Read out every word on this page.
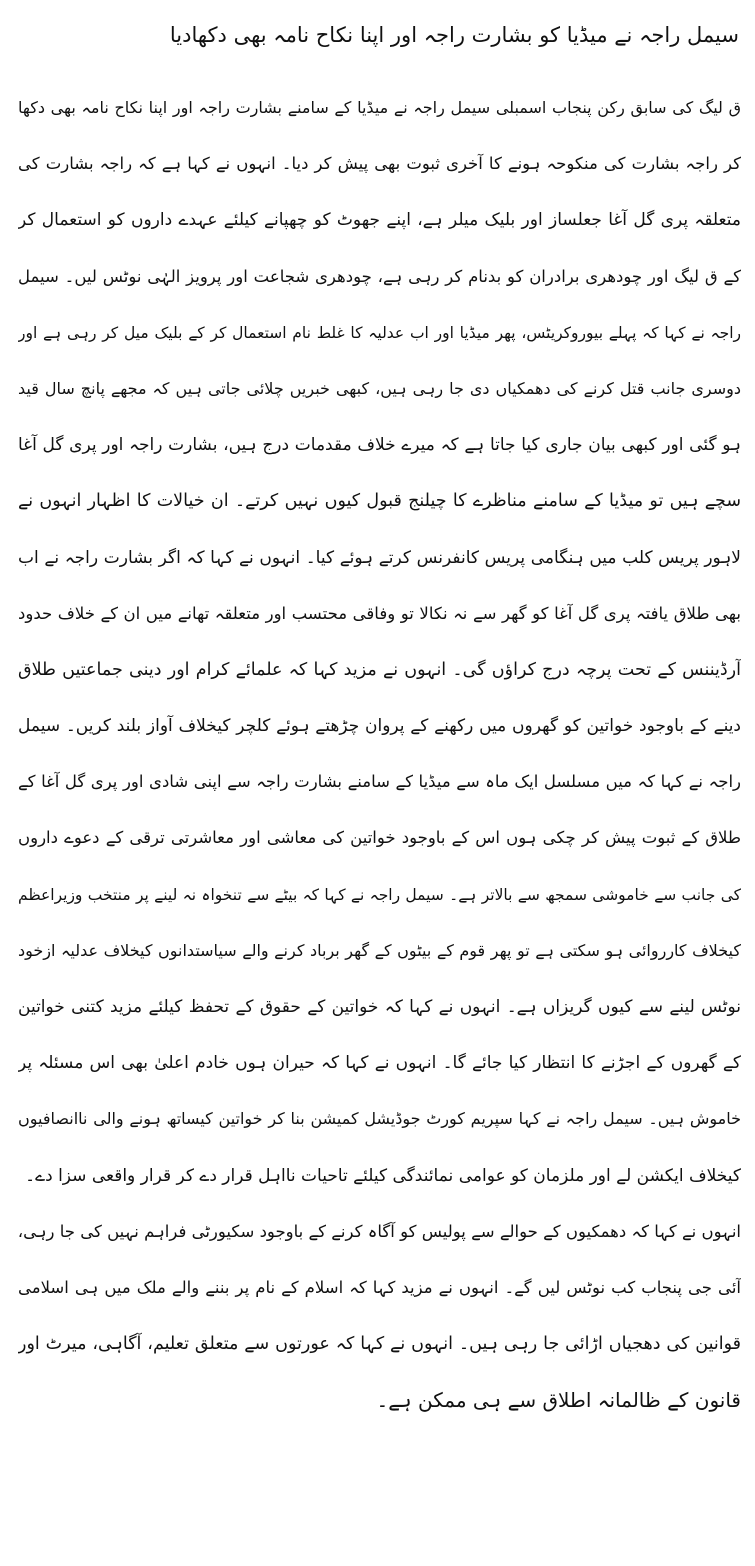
سیمل راجہ نے میڈیا کو بشارت راجہ اور اپنا نکاح نامہ بھی دکھادیا
ق لیگ کی سابق رکن پنجاب اسمبلی سیمل راجہ نے میڈیا کے سامنے بشارت راجہ اور اپنا نکاح نامہ بھی دکھا
کر راجہ بشارت کی منکوحہ ہونے کا آخری ثبوت بھی پیش کر دیا۔ انہوں نے کہا ہے کہ راجہ بشارت کی
متعلقہ پری گل آغا جعلساز اور بلیک میلر ہے، اپنے جھوٹ کو چھپانے کیلئے عہدے داروں کو استعمال کر
کے ق لیگ اور چودھری برادران کو بدنام کر رہی ہے، چودھری شجاعت اور پرویز الہٰی نوٹس لیں۔ سیمل
راجہ نے کہا کہ پہلے بیوروکریٹس، پھر میڈیا اور اب عدلیہ کا غلط نام استعمال کر کے بلیک میل کر رہی ہے اور
دوسری جانب قتل کرنے کی دھمکیاں دی جا رہی ہیں، کبھی خبریں چلائی جاتی ہیں کہ مجھے پانچ سال قید
ہو گئی اور کبھی بیان جاری کیا جاتا ہے کہ میرے خلاف مقدمات درج ہیں، بشارت راجہ اور پری گل آغا
سچے ہیں تو میڈیا کے سامنے مناظرے کا چیلنج قبول کیوں نہیں کرتے۔ ان خیالات کا اظہار انہوں نے
لاہور پریس کلب میں ہنگامی پریس کانفرنس کرتے ہوئے کیا۔ انہوں نے کہا کہ اگر بشارت راجہ نے اب
بھی طلاق یافتہ پری گل آغا کو گھر سے نہ نکالا تو وفاقی محتسب اور متعلقہ تھانے میں ان کے خلاف حدود
آرڈیننس کے تحت پرچہ درج کراؤں گی۔ انہوں نے مزید کہا کہ علمائے کرام اور دینی جماعتیں طلاق
دینے کے باوجود خواتین کو گھروں میں رکھنے کے پروان چڑھتے ہوئے کلچر کیخلاف آواز بلند کریں۔ سیمل
راجہ نے کہا کہ میں مسلسل ایک ماہ سے میڈیا کے سامنے بشارت راجہ سے اپنی شادی اور پری گل آغا کے
طلاق کے ثبوت پیش کر چکی ہوں اس کے باوجود خواتین کی معاشی اور معاشرتی ترقی کے دعوے داروں
کی جانب سے خاموشی سمجھ سے بالاتر ہے۔ سیمل راجہ نے کہا کہ بیٹے سے تنخواہ نہ لینے پر منتخب وزیراعظم
کیخلاف کارروائی ہو سکتی ہے تو پھر قوم کے بیٹوں کے گھر برباد کرنے والے سیاستدانوں کیخلاف عدلیہ ازخود
نوٹس لینے سے کیوں گریزاں ہے۔ انہوں نے کہا کہ خواتین کے حقوق کے تحفظ کیلئے مزید کتنی خواتین
کے گھروں کے اجڑنے کا انتظار کیا جائے گا۔ انہوں نے کہا کہ حیران ہوں خادم اعلیٰ بھی اس مسئلہ پر
خاموش ہیں۔ سیمل راجہ نے کہا سپریم کورٹ جوڈیشل کمیشن بنا کر خواتین کیساتھ ہونے والی ناانصافیوں
کیخلاف ایکشن لے اور ملزمان کو عوامی نمائندگی کیلئے تاحیات نااہل قرار دے کر قرار واقعی سزا دے۔
انہوں نے کہا کہ دھمکیوں کے حوالے سے پولیس کو آگاہ کرنے کے باوجود سکیورٹی فراہم نہیں کی جا رہی،
آئی جی پنجاب کب نوٹس لیں گے۔ انہوں نے مزید کہا کہ اسلام کے نام پر بننے والے ملک میں ہی اسلامی
قوانین کی دھجیاں اڑائی جا رہی ہیں۔ انہوں نے کہا کہ عورتوں سے متعلق تعلیم، آگاہی، میرٹ اور
قانون کے ظالمانہ اطلاق سے ہی ممکن ہے۔
